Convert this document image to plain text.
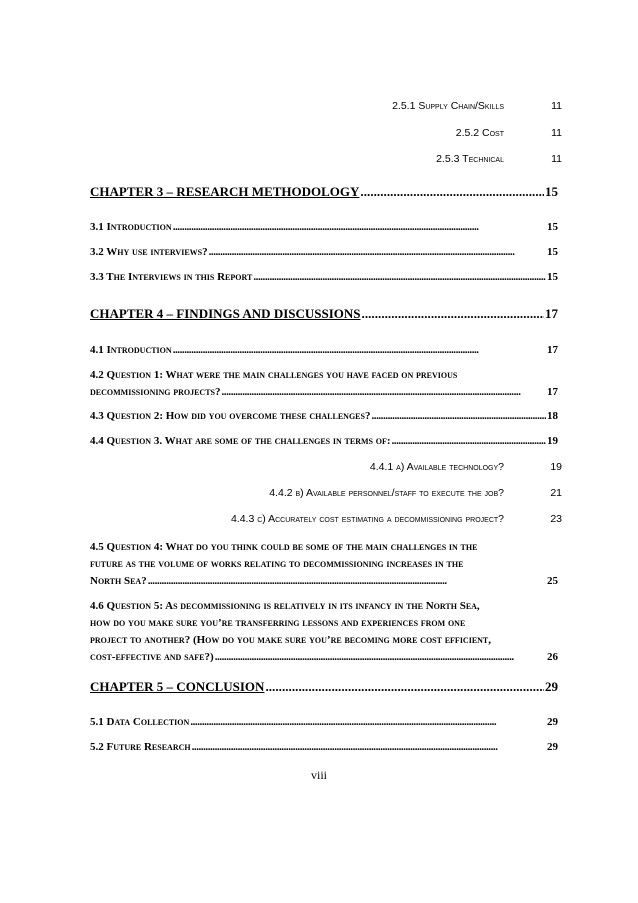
2.5.1 Supply Chain/Skills	11
2.5.2 Cost	11
2.5.3 Technical	11
CHAPTER 3 – RESEARCH METHODOLOGY . . .	15
3.1 Introduction . . .	15
3.2 Why use interviews? . . .	15
3.3 The Interviews in this Report . . .	15
CHAPTER 4 – FINDINGS AND DISCUSSIONS . . .	17
4.1 Introduction . . .	17
4.2 Question 1: What were the main challenges you have faced on previous
decommissioning projects? . . .	17
4.3 Question 2: How did you overcome these challenges? . . .	18
4.4 Question 3. What are some of the challenges in terms of: . . .	19
4.4.1 a) Available technology?	19
4.4.2 b) Available personnel/staff to execute the job?	21
4.4.3 c) Accurately cost estimating a decommissioning project?	23
4.5 Question 4: What do you think could be some of the main challenges in the
future as the volume of works relating to decommissioning increases in the
North Sea? . . .	25
4.6 Question 5: As decommissioning is relatively in its infancy in the North Sea,
how do you make sure you’re transferring lessons and experiences from one
project to another? (How do you make sure you’re becoming more cost efficient,
cost-effective and safe?) . . .	26
CHAPTER 5 – CONCLUSION . . .	29
5.1 Data Collection . . .	29
5.2 Future Research . . .	29
viii
